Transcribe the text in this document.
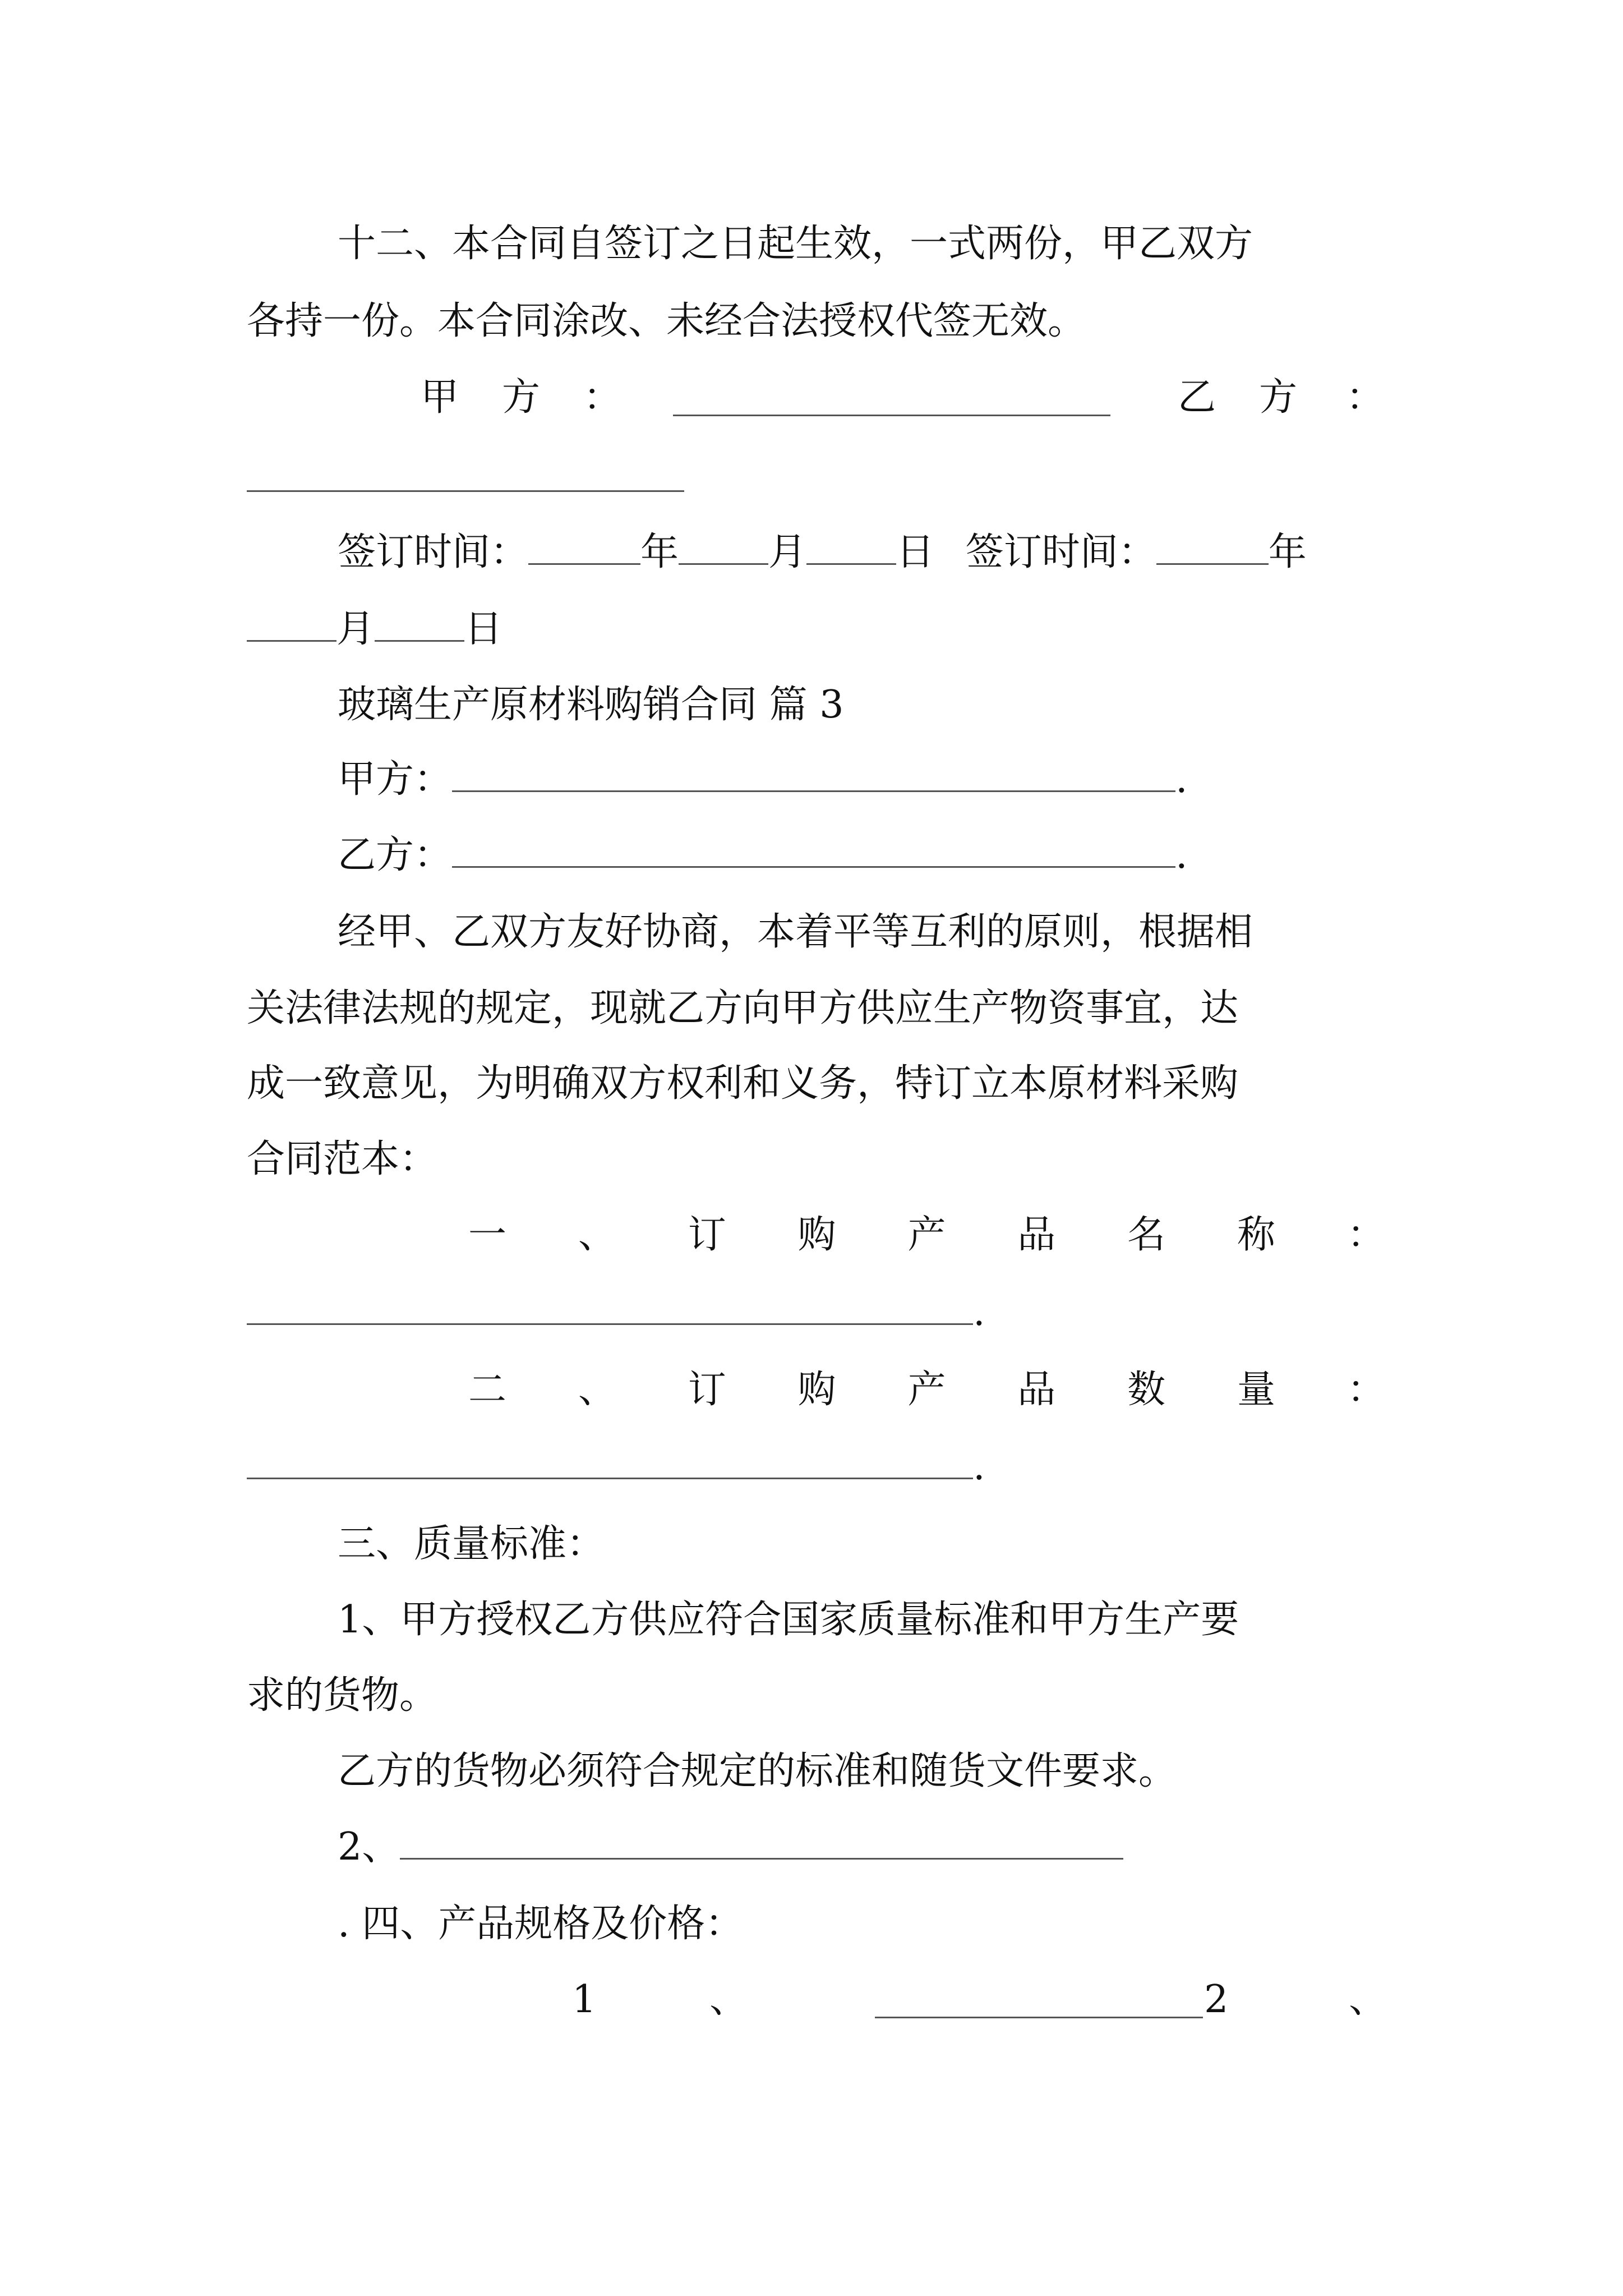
十二、本合同自签订之日起生效，一式两份，甲乙双方
各持一份。本合同涂改、未经合法授权代签无效。
甲 方 ：	乙 方 ：
签订时间：	年 月 日 签订时间：	年
月 日
玻璃生产原材料购销合同 篇 3
甲方：	.
乙方：	.
经甲、乙双方友好协商，本着平等互利的原则，根据相
关法律法规的规定，现就乙方向甲方供应生产物资事宜，达
成一致意见，为明确双方权利和义务，特订立本原材料采购
合同范本：
一 、 订 购 产 品 名 称 ：
.
二 、 订 购 产 品 数 量 ：
.
三、质量标准：
1、甲方授权乙方供应符合国家质量标准和甲方生产要
求的货物。
乙方的货物必须符合规定的标准和随货文件要求。
2、
. 四、产品规格及价格：
1	、	2	、
